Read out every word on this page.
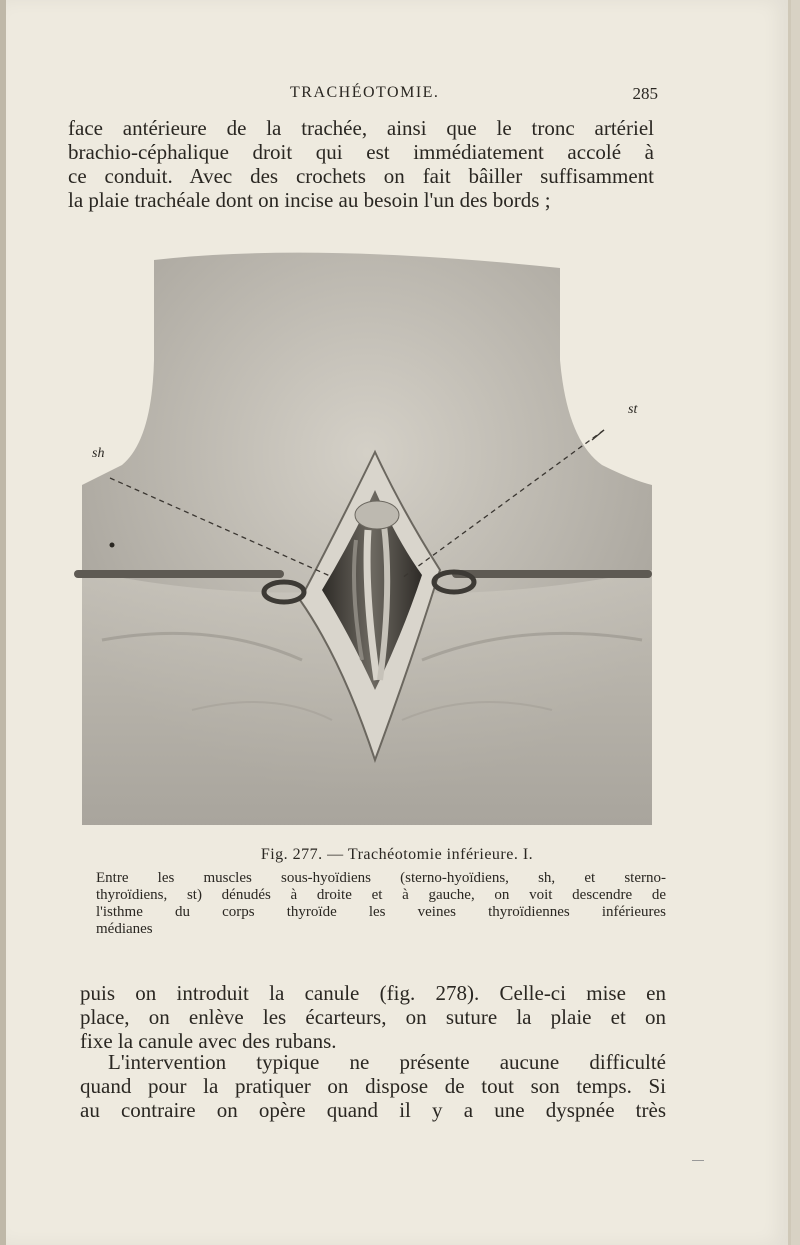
TRACHÉOTOMIE.	285

face antérieure de la trachée, ainsi que le tronc artériel
brachio-céphalique droit qui est immédiatement accolé à
ce conduit. Avec des crochets on fait bâiller suffisamment
la plaie trachéale dont on incise au besoin l'un des bords ;

sh
st
Fig. 277. — Trachéotomie inférieure. I.
Entre les muscles sous-hyoïdiens (sterno-hyoïdiens, sh, et sterno-
thyroïdiens, st) dénudés à droite et à gauche, on voit descendre de
l'isthme du corps thyroïde les veines thyroïdiennes inférieures
médianes

puis on introduit la canule (fig. 278). Celle-ci mise en
place, on enlève les écarteurs, on suture la plaie et on
fixe la canule avec des rubans.

L'intervention typique ne présente aucune difficulté
quand pour la pratiquer on dispose de tout son temps. Si
au contraire on opère quand il y a une dyspnée très
